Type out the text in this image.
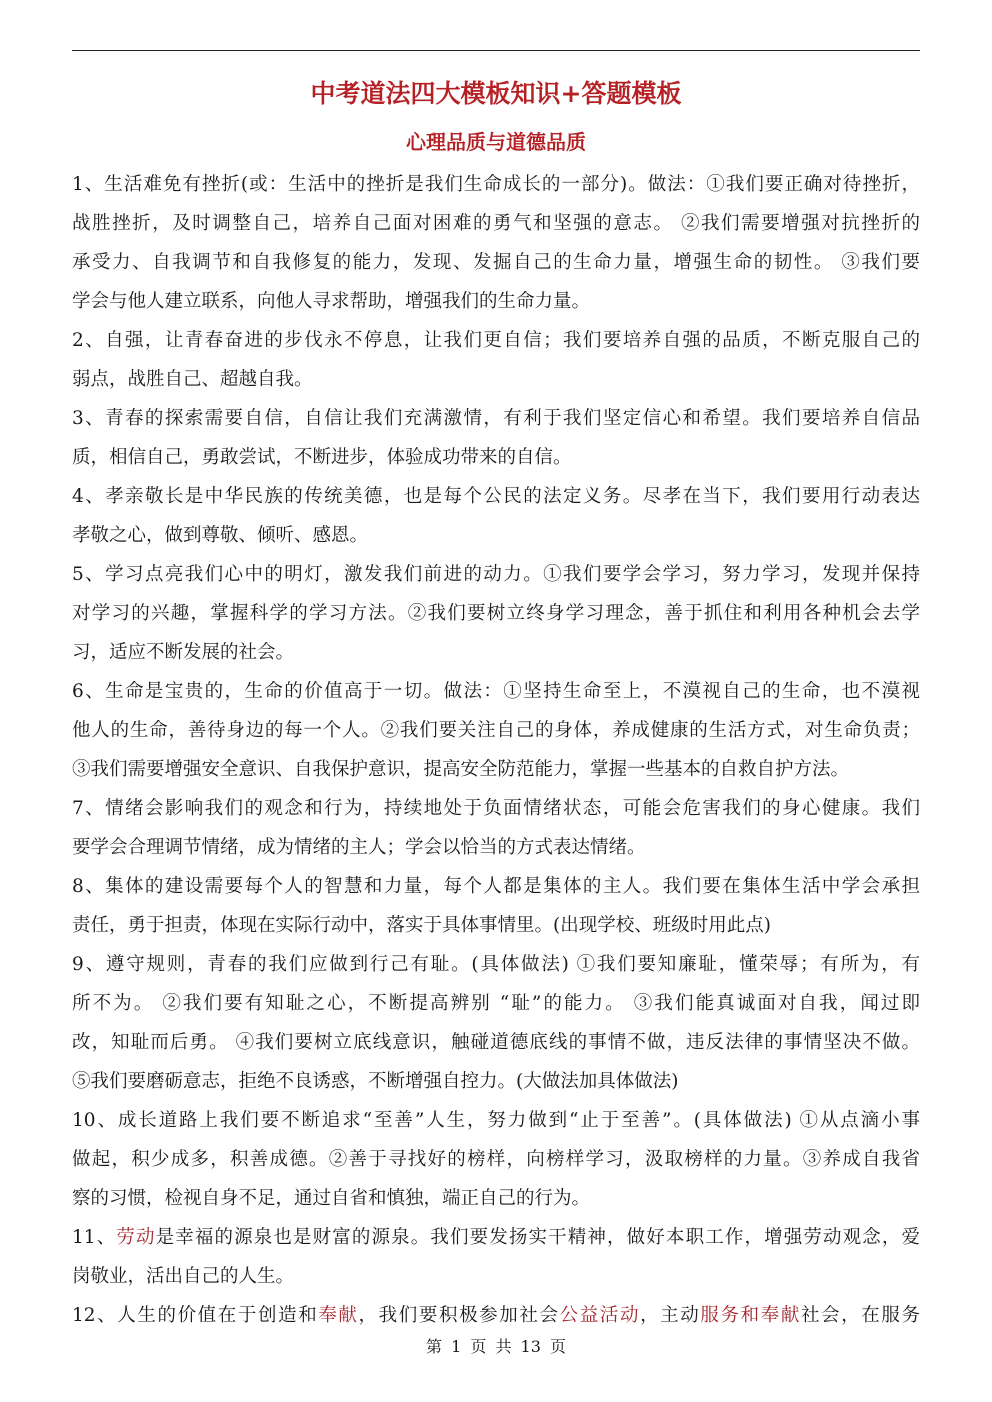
中考道法四大模板知识+答题模板
心理品质与道德品质
1、生活难免有挫折(或：生活中的挫折是我们生命成长的一部分)。做法：①我们要正确对待挫折，
战胜挫折，及时调整自己，培养自己面对困难的勇气和坚强的意志。 ②我们需要增强对抗挫折的
承受力、自我调节和自我修复的能力，发现、发掘自己的生命力量，增强生命的韧性。 ③我们要
学会与他人建立联系，向他人寻求帮助，增强我们的生命力量。
2、自强，让青春奋进的步伐永不停息，让我们更自信；我们要培养自强的品质，不断克服自己的
弱点，战胜自己、超越自我。
3、青春的探索需要自信，自信让我们充满激情，有利于我们坚定信心和希望。我们要培养自信品
质，相信自己，勇敢尝试，不断进步，体验成功带来的自信。
4、孝亲敬长是中华民族的传统美德，也是每个公民的法定义务。尽孝在当下，我们要用行动表达
孝敬之心，做到尊敬、倾听、感恩。
5、学习点亮我们心中的明灯，激发我们前进的动力。①我们要学会学习，努力学习，发现并保持
对学习的兴趣，掌握科学的学习方法。②我们要树立终身学习理念，善于抓住和利用各种机会去学
习，适应不断发展的社会。
6、生命是宝贵的，生命的价值高于一切。做法：①坚持生命至上，不漠视自己的生命，也不漠视
他人的生命，善待身边的每一个人。②我们要关注自己的身体，养成健康的生活方式，对生命负责；
③我们需要增强安全意识、自我保护意识，提高安全防范能力，掌握一些基本的自救自护方法。
7、情绪会影响我们的观念和行为，持续地处于负面情绪状态，可能会危害我们的身心健康。我们
要学会合理调节情绪，成为情绪的主人；学会以恰当的方式表达情绪。
8、集体的建设需要每个人的智慧和力量，每个人都是集体的主人。我们要在集体生活中学会承担
责任，勇于担责，体现在实际行动中，落实于具体事情里。(出现学校、班级时用此点)
9、遵守规则，青春的我们应做到行己有耻。(具体做法) ①我们要知廉耻，懂荣辱；有所为，有
所不为。 ②我们要有知耻之心，不断提高辨别 “耻”的能力。 ③我们能真诚面对自我，闻过即
改，知耻而后勇。 ④我们要树立底线意识，触碰道德底线的事情不做，违反法律的事情坚决不做。
⑤我们要磨砺意志，拒绝不良诱惑，不断增强自控力。(大做法加具体做法)
10、成长道路上我们要不断追求“至善”人生，努力做到“止于至善”。(具体做法) ①从点滴小事
做起，积少成多，积善成德。②善于寻找好的榜样，向榜样学习，汲取榜样的力量。③养成自我省
察的习惯，检视自身不足，通过自省和慎独，端正自己的行为。
11、劳动是幸福的源泉也是财富的源泉。我们要发扬实干精神，做好本职工作，增强劳动观念，爱
岗敬业，活出自己的人生。
12、人生的价值在于创造和奉献，我们要积极参加社会公益活动，主动服务和奉献社会，在服务
第 1 页 共 13 页
